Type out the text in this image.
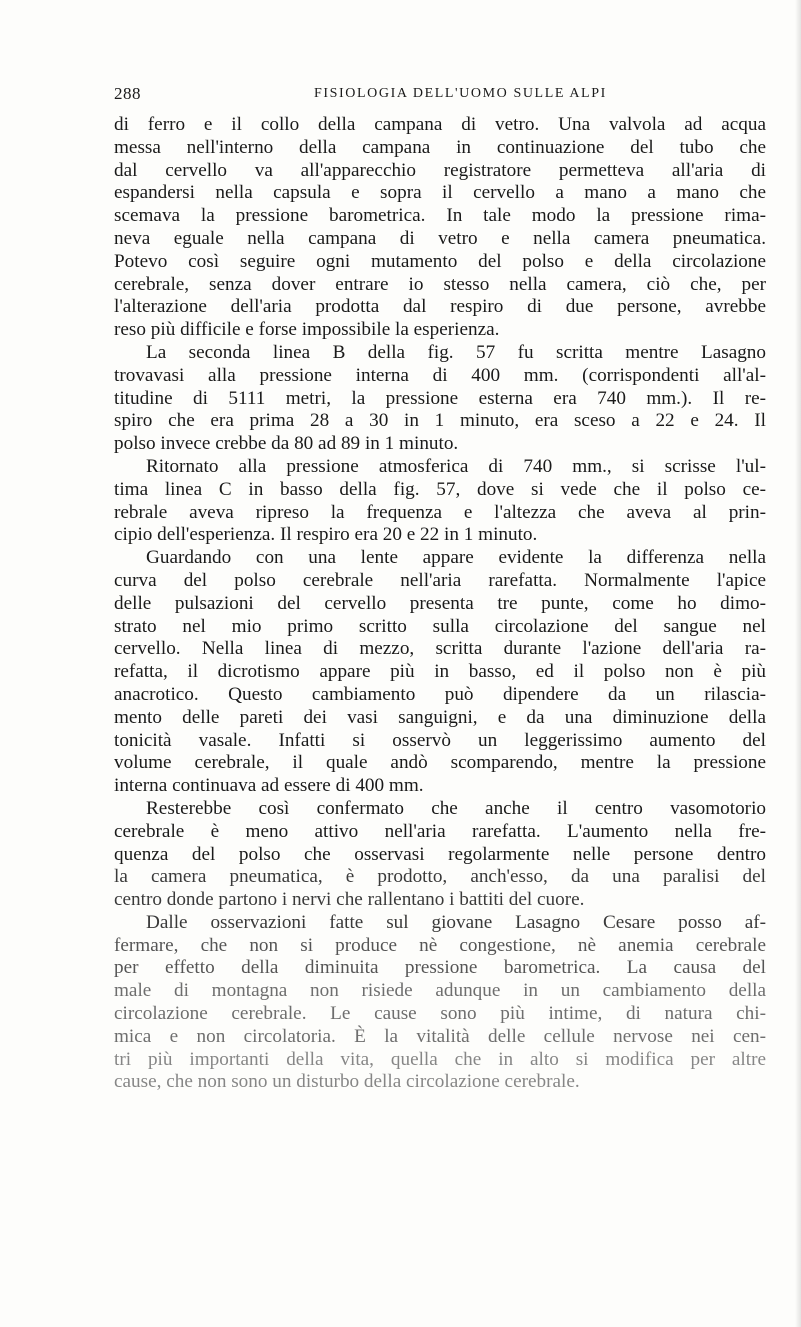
288	FISIOLOGIA DELL'UOMO SULLE ALPI
di ferro e il collo della campana di vetro. Una valvola ad acqua
messa nell'interno della campana in continuazione del tubo che
dal cervello va all'apparecchio registratore permetteva all'aria di
espandersi nella capsula e sopra il cervello a mano a mano che
scemava la pressione barometrica. In tale modo la pressione rima-
neva eguale nella campana di vetro e nella camera pneumatica.
Potevo così seguire ogni mutamento del polso e della circolazione
cerebrale, senza dover entrare io stesso nella camera, ciò che, per
l'alterazione dell'aria prodotta dal respiro di due persone, avrebbe
reso più difficile e forse impossibile la esperienza.
La seconda linea B della fig. 57 fu scritta mentre Lasagno
trovavasi alla pressione interna di 400 mm. (corrispondenti all'al-
titudine di 5111 metri, la pressione esterna era 740 mm.). Il re-
spiro che era prima 28 a 30 in 1 minuto, era sceso a 22 e 24. Il
polso invece crebbe da 80 ad 89 in 1 minuto.
Ritornato alla pressione atmosferica di 740 mm., si scrisse l'ul-
tima linea C in basso della fig. 57, dove si vede che il polso ce-
rebrale aveva ripreso la frequenza e l'altezza che aveva al prin-
cipio dell'esperienza. Il respiro era 20 e 22 in 1 minuto.
Guardando con una lente appare evidente la differenza nella
curva del polso cerebrale nell'aria rarefatta. Normalmente l'apice
delle pulsazioni del cervello presenta tre punte, come ho dimo-
strato nel mio primo scritto sulla circolazione del sangue nel
cervello. Nella linea di mezzo, scritta durante l'azione dell'aria ra-
refatta, il dicrotismo appare più in basso, ed il polso non è più
anacrotico. Questo cambiamento può dipendere da un rilascia-
mento delle pareti dei vasi sanguigni, e da una diminuzione della
tonicità vasale. Infatti si osservò un leggerissimo aumento del
volume cerebrale, il quale andò scomparendo, mentre la pressione
interna continuava ad essere di 400 mm.
Resterebbe così confermato che anche il centro vasomotorio
cerebrale è meno attivo nell'aria rarefatta. L'aumento nella fre-
quenza del polso che osservasi regolarmente nelle persone dentro
la camera pneumatica, è prodotto, anch'esso, da una paralisi del
centro donde partono i nervi che rallentano i battiti del cuore.
Dalle osservazioni fatte sul giovane Lasagno Cesare posso af-
fermare, che non si produce nè congestione, nè anemia cerebrale
per effetto della diminuita pressione barometrica. La causa del
male di montagna non risiede adunque in un cambiamento della
circolazione cerebrale. Le cause sono più intime, di natura chi-
mica e non circolatoria. È la vitalità delle cellule nervose nei cen-
tri più importanti della vita, quella che in alto si modifica per altre
cause, che non sono un disturbo della circolazione cerebrale.
